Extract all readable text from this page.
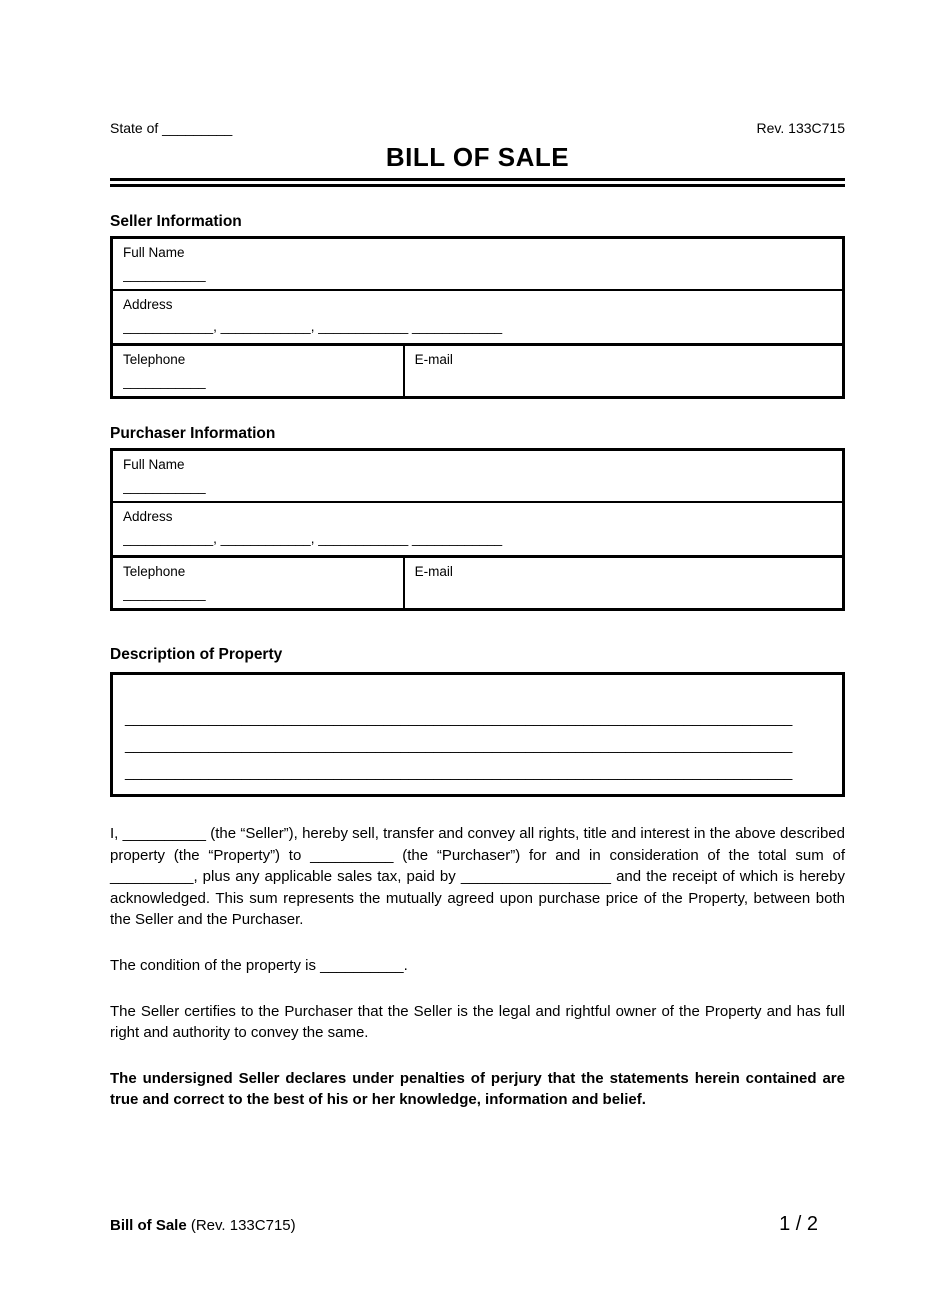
State of _________	Rev. 133C715
BILL OF SALE
Seller Information
Full Name
___________
Address
____________, ____________, ____________ ____________
Telephone
___________
E-mail
Purchaser Information
Full Name
___________
Address
____________, ____________, ____________ ____________
Telephone
___________
E-mail
Description of Property
________________________________________________________________________________
________________________________________________________________________________
________________________________________________________________________________

I, __________ (the “Seller”), hereby sell, transfer and convey all rights, title and interest in the above described property (the “Property”) to __________ (the “Purchaser”) for and in consideration of the total sum of __________, plus any applicable sales tax, paid by __________________ and the receipt of which is hereby acknowledged. This sum represents the mutually agreed upon purchase price of the Property, between both the Seller and the Purchaser.

The condition of the property is __________.

The Seller certifies to the Purchaser that the Seller is the legal and rightful owner of the Property and has full right and authority to convey the same.

The undersigned Seller declares under penalties of perjury that the statements herein contained are true and correct to the best of his or her knowledge, information and belief.

Bill of Sale (Rev. 133C715)	1 / 2
